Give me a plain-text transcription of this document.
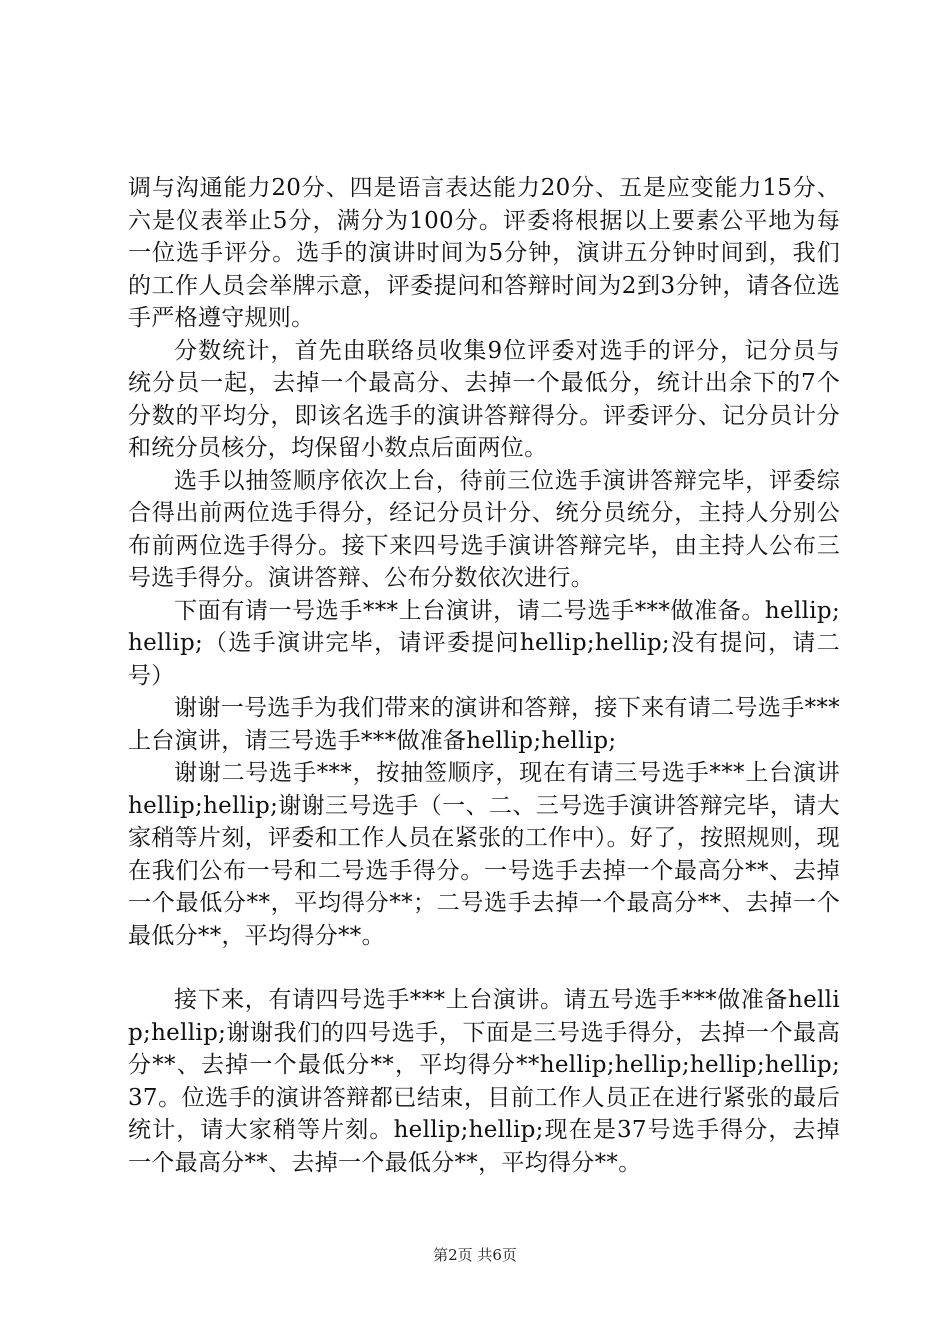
调与沟通能力20分、四是语言表达能力20分、五是应变能力15分、六是仪表举止5分，满分为100分。评委将根据以上要素公平地为每一位选手评分。选手的演讲时间为5分钟，演讲五分钟时间到，我们的工作人员会举牌示意，评委提问和答辩时间为2到3分钟，请各位选手严格遵守规则。

分数统计，首先由联络员收集9位评委对选手的评分，记分员与统分员一起，去掉一个最高分、去掉一个最低分，统计出余下的7个分数的平均分，即该名选手的演讲答辩得分。评委评分、记分员计分和统分员核分，均保留小数点后面两位。

选手以抽签顺序依次上台，待前三位选手演讲答辩完毕，评委综合得出前两位选手得分，经记分员计分、统分员统分，主持人分别公布前两位选手得分。接下来四号选手演讲答辩完毕，由主持人公布三号选手得分。演讲答辩、公布分数依次进行。

下面有请一号选手***上台演讲，请二号选手***做准备。hellip;hellip;（选手演讲完毕，请评委提问hellip;hellip;没有提问，请二号）

谢谢一号选手为我们带来的演讲和答辩，接下来有请二号选手***上台演讲，请三号选手***做准备hellip;hellip;

谢谢二号选手***，按抽签顺序，现在有请三号选手***上台演讲hellip;hellip;谢谢三号选手（一、二、三号选手演讲答辩完毕，请大家稍等片刻，评委和工作人员在紧张的工作中）。好了，按照规则，现在我们公布一号和二号选手得分。一号选手去掉一个最高分**、去掉一个最低分**，平均得分**；二号选手去掉一个最高分**、去掉一个最低分**，平均得分**。

接下来，有请四号选手***上台演讲。请五号选手***做准备hellip;hellip;谢谢我们的四号选手，下面是三号选手得分，去掉一个最高分**、去掉一个最低分**，平均得分**hellip;hellip;hellip;hellip;37。位选手的演讲答辩都已结束，目前工作人员正在进行紧张的最后统计，请大家稍等片刻。hellip;hellip;现在是37号选手得分，去掉一个最高分**、去掉一个最低分**，平均得分**。

第2页 共6页
